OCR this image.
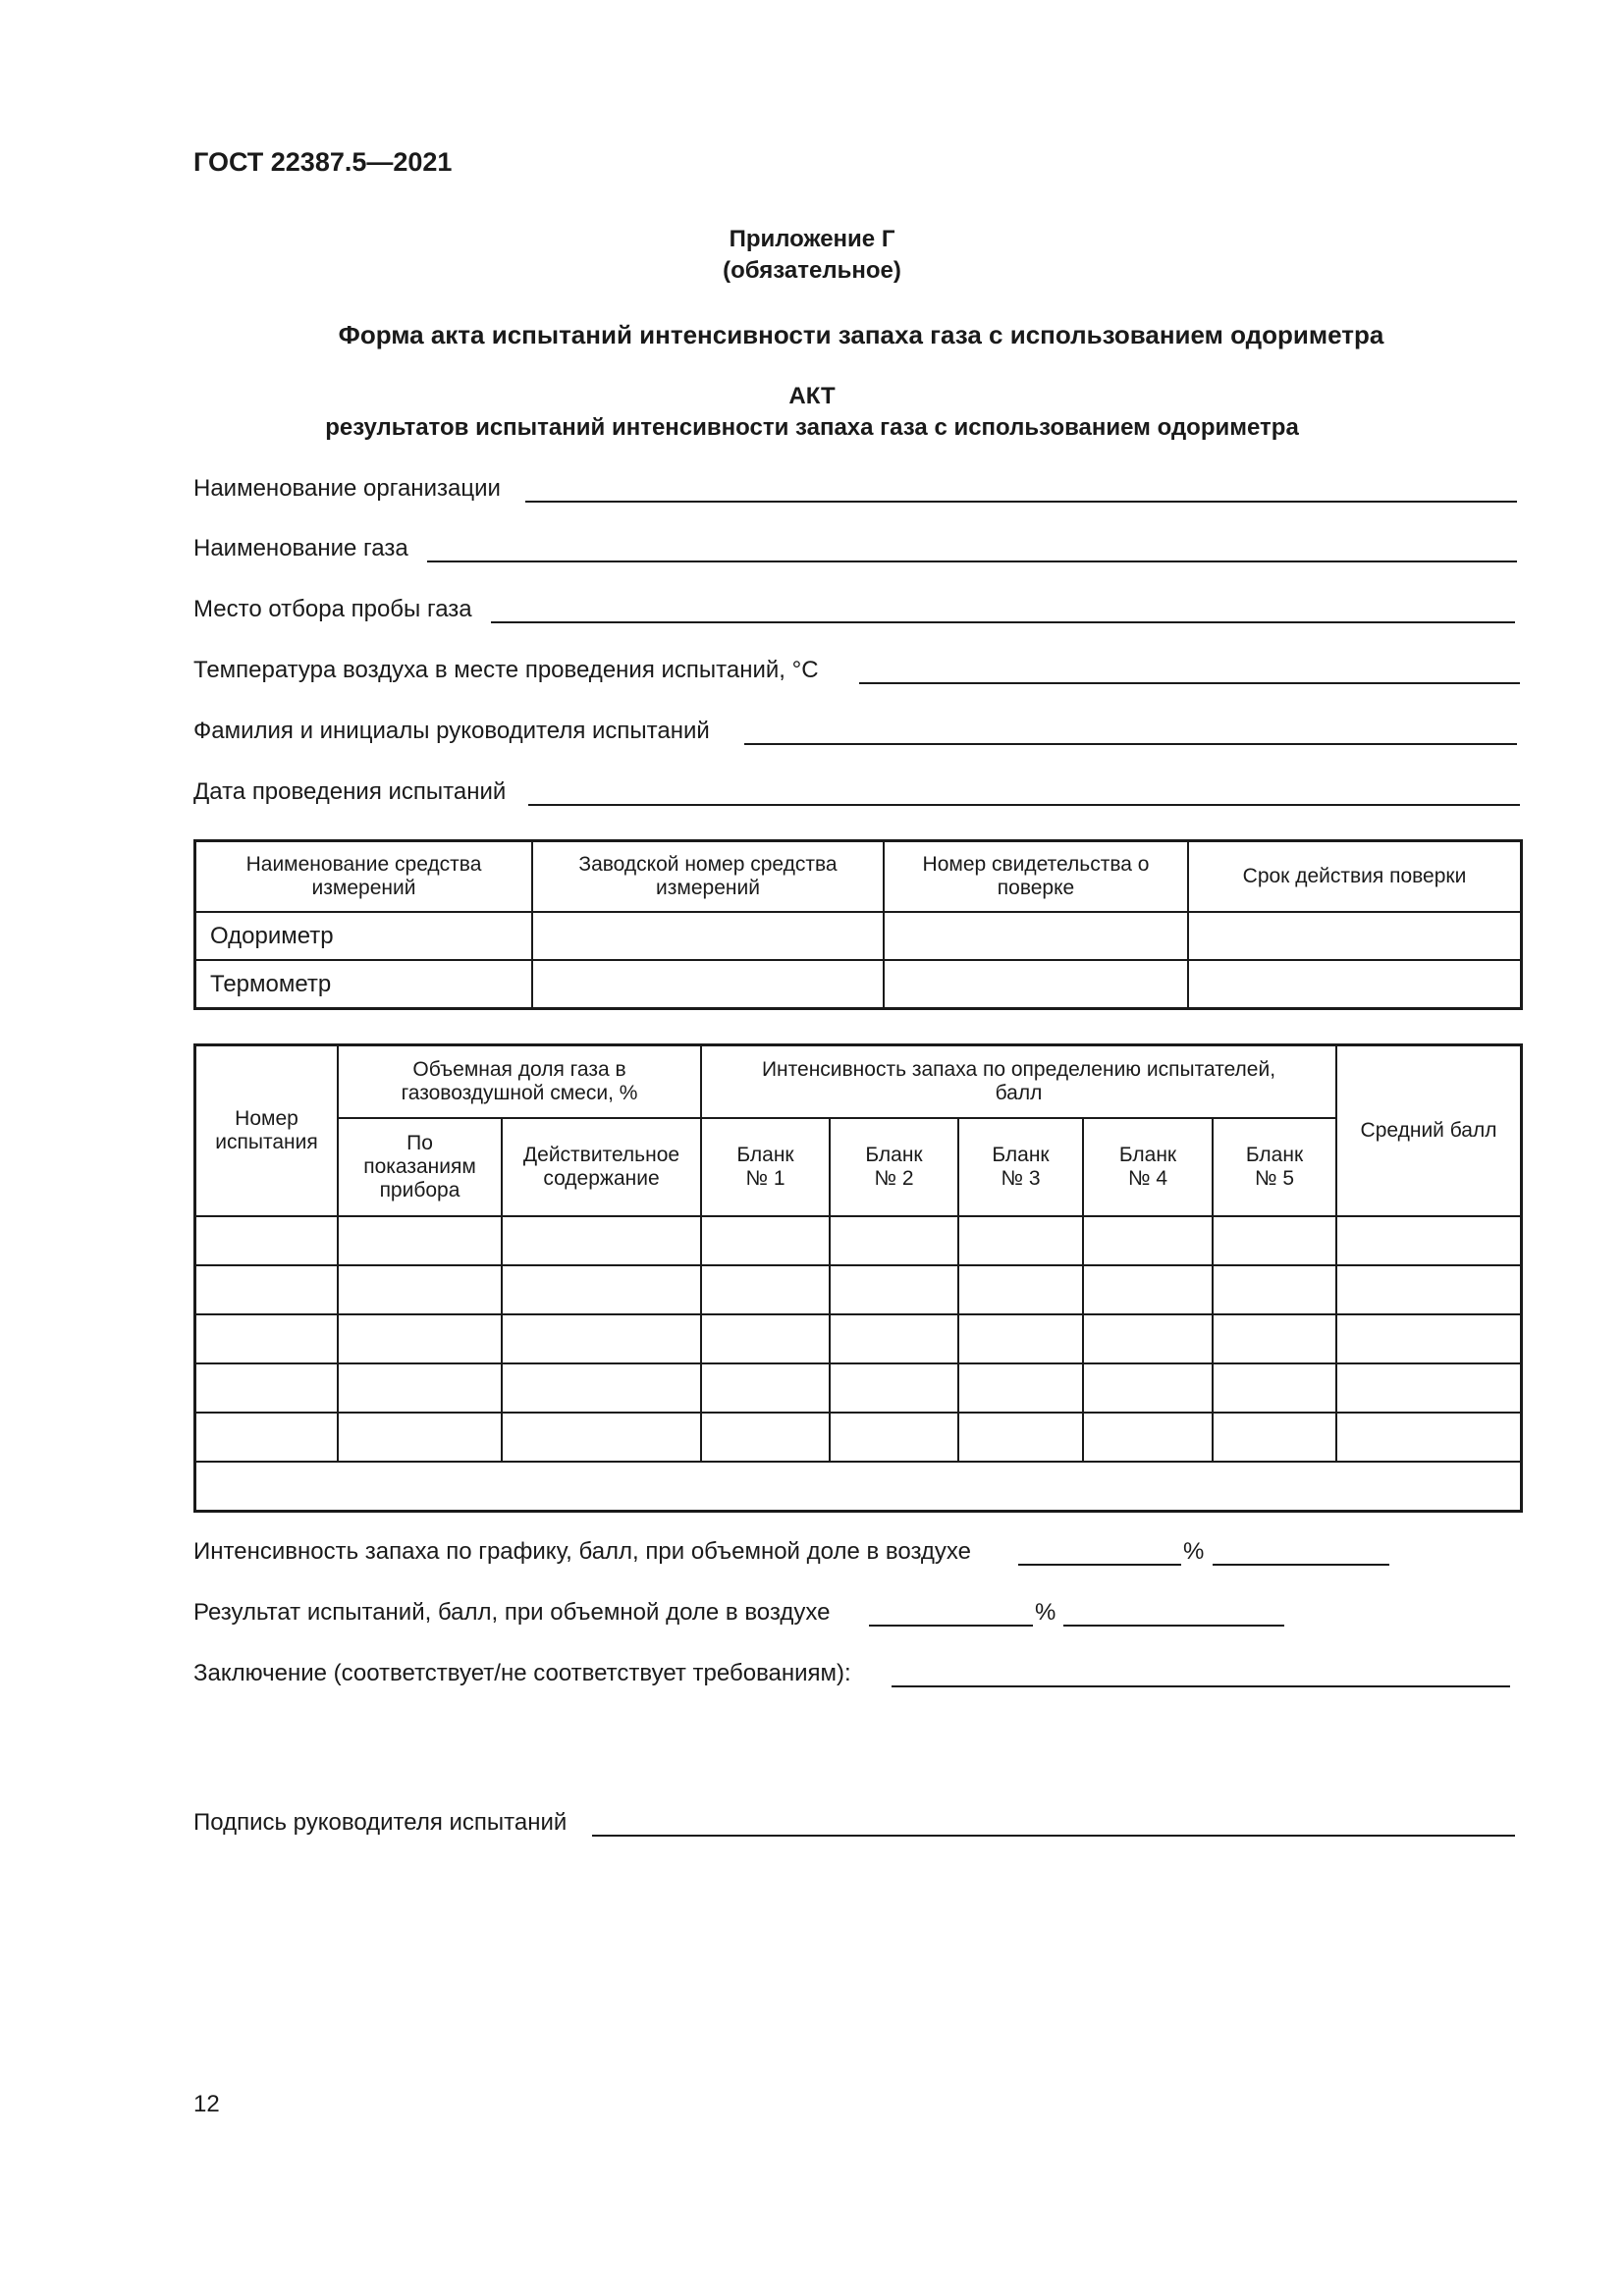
ГОСТ 22387.5—2021
Приложение Г
(обязательное)
Форма акта испытаний интенсивности запаха газа с использованием одориметра
АКТ
результатов испытаний интенсивности запаха газа с использованием одориметра
Наименование организации
Наименование газа
Место отбора пробы газа
Температура воздуха в месте проведения испытаний, °C
Фамилия и инициалы руководителя испытаний
Дата проведения испытаний
Наименование средства измерений	Заводской номер средства измерений	Номер свидетельства о поверке	Срок действия поверки
Одориметр			
Термометр			
Номер испытания	Объемная доля газа в газовоздушной смеси, %		Интенсивность запаха по определению испытателей, балл					Средний балл
	По показаниям прибора	Действительное содержание	Бланк № 1	Бланк № 2	Бланк № 3	Бланк № 4	Бланк № 5	

Интенсивность запаха по графику, балл, при объемной доле в воздухе	%
Результат испытаний, балл, при объемной доле в воздухе	%
Заключение (соответствует/не соответствует требованиям):
Подпись руководителя испытаний
12
